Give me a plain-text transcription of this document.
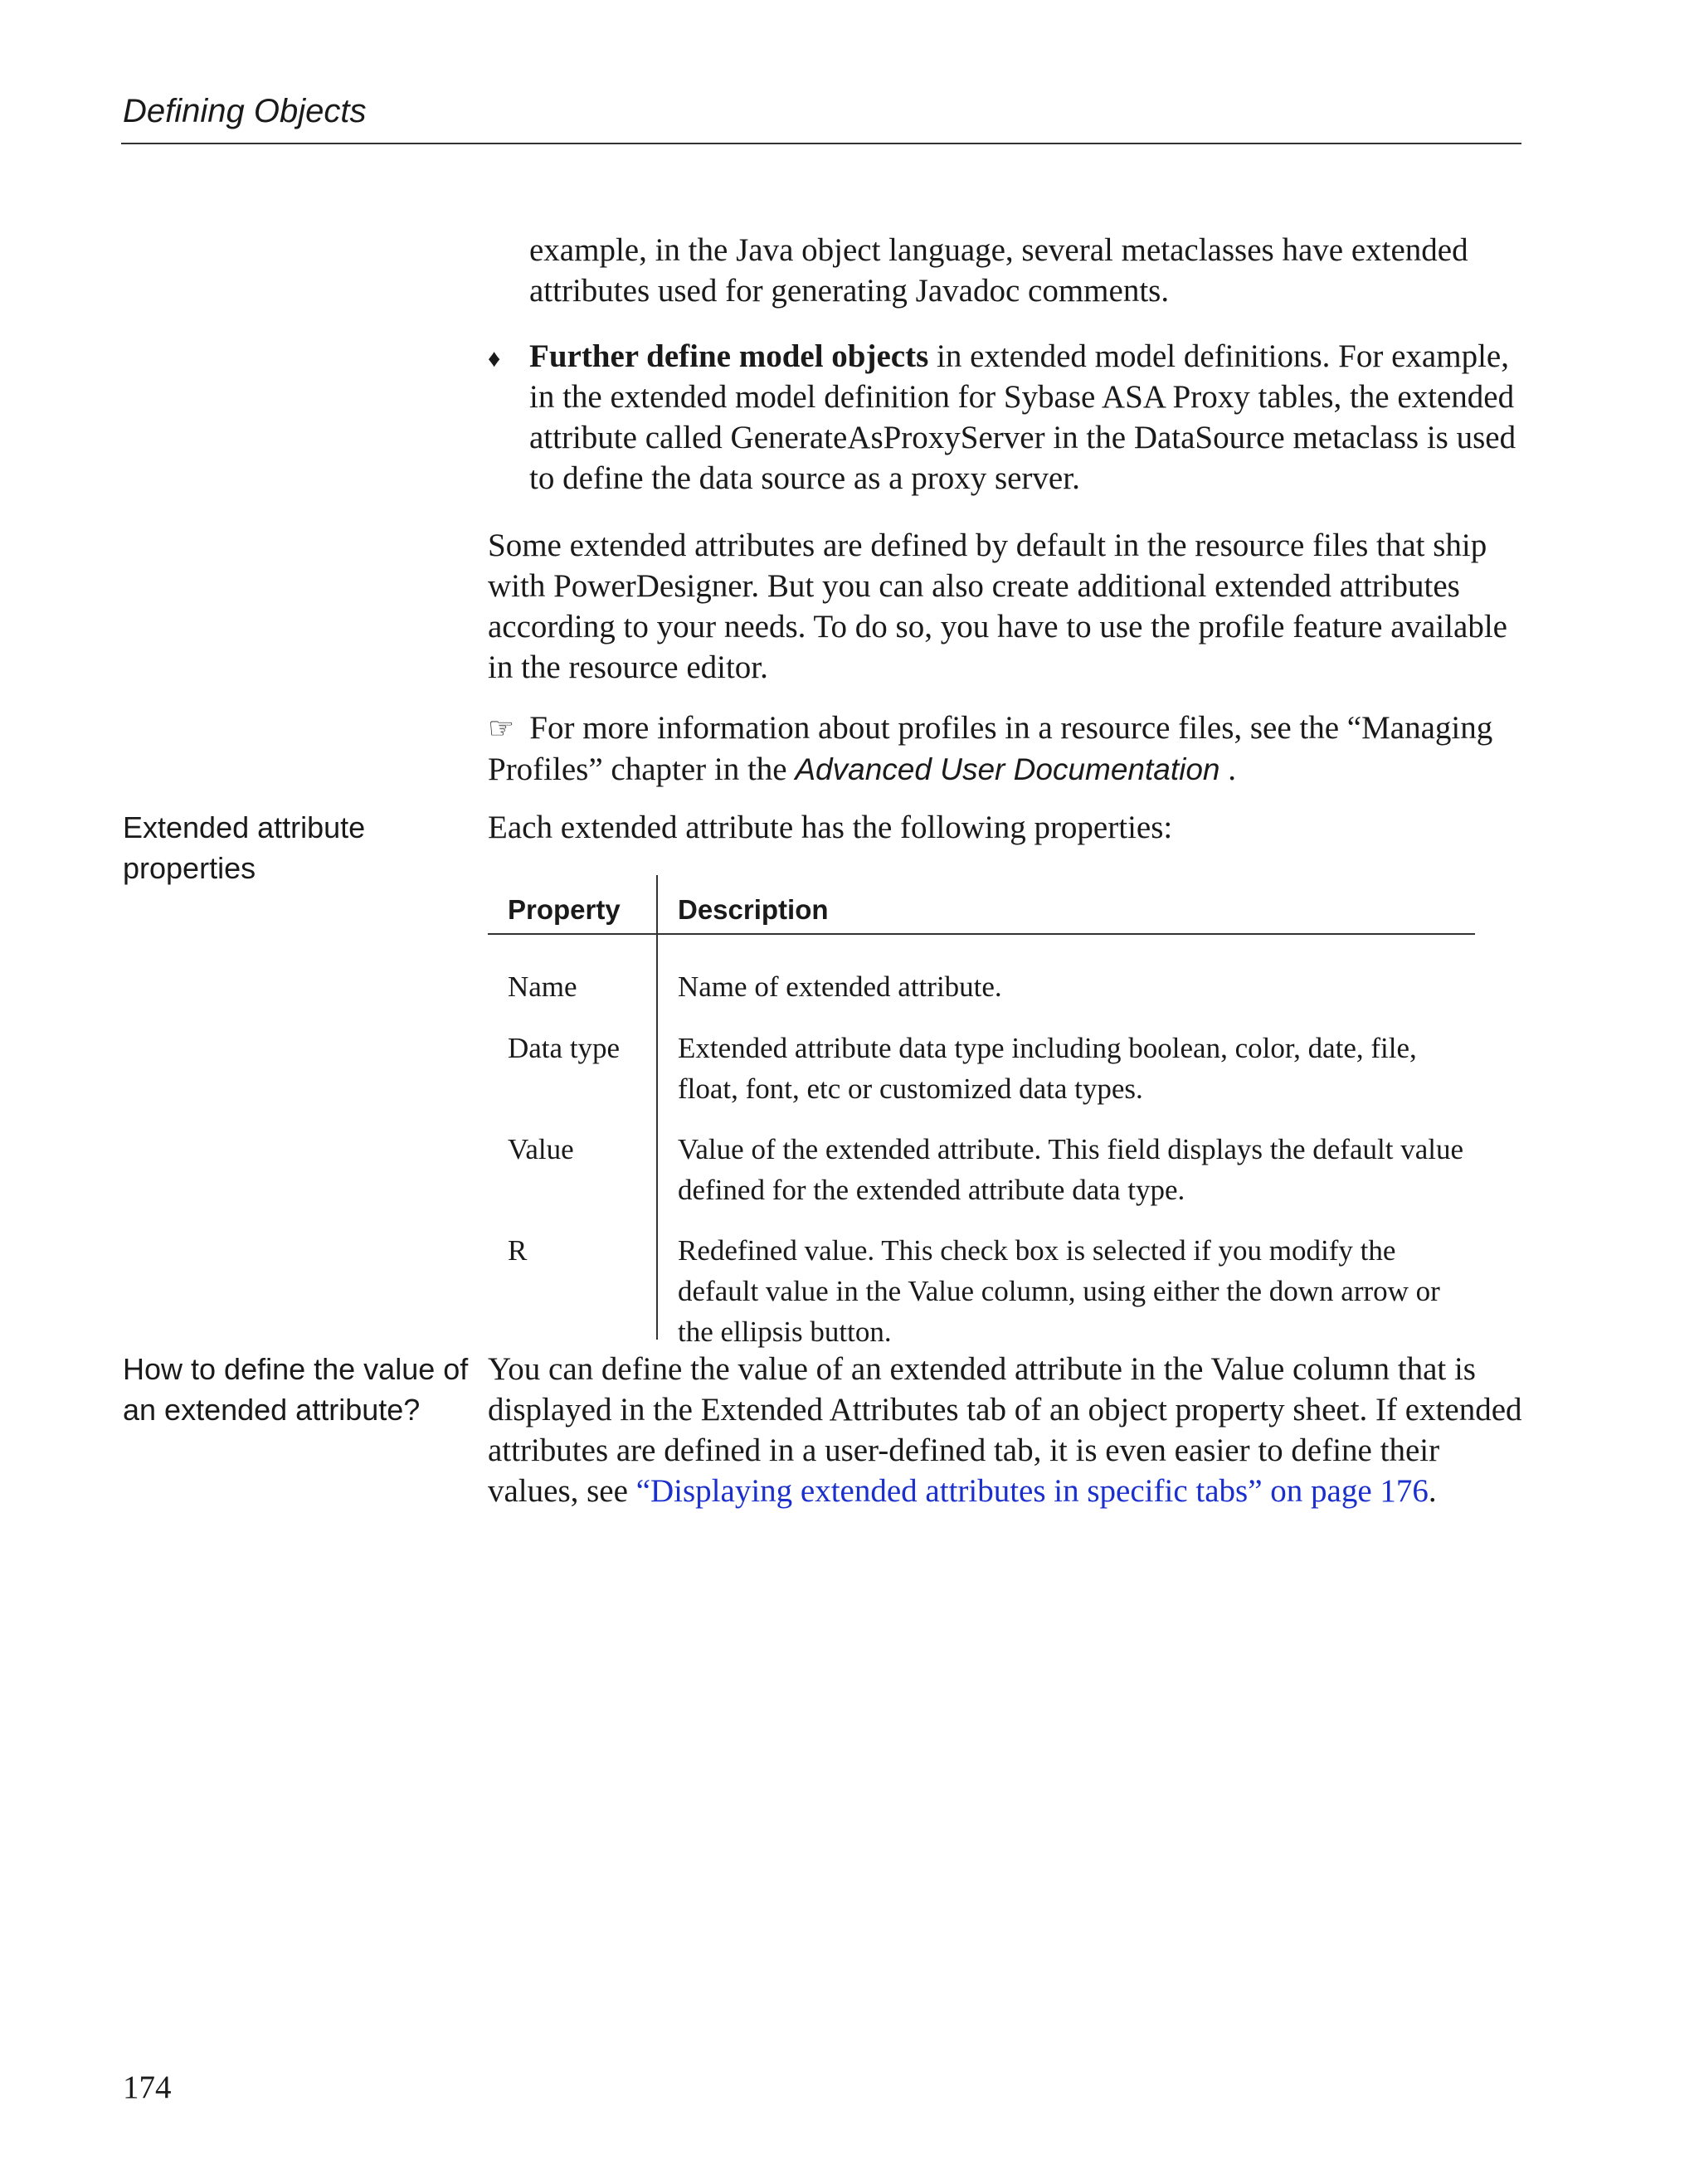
Defining Objects
example, in the Java object language, several metaclasses have extended attributes used for generating Javadoc comments.
♦ Further define model objects in extended model definitions. For example, in the extended model definition for Sybase ASA Proxy tables, the extended attribute called GenerateAsProxyServer in the DataSource metaclass is used to define the data source as a proxy server.
Some extended attributes are defined by default in the resource files that ship with PowerDesigner. But you can also create additional extended attributes according to your needs. To do so, you have to use the profile feature available in the resource editor.
☞ For more information about profiles in a resource files, see the “Managing Profiles” chapter in the Advanced User Documentation .
Extended attribute properties
Each extended attribute has the following properties:
Property Description
Name	Name of extended attribute.
Data type	Extended attribute data type including boolean, color, date, file, float, font, etc or customized data types.
Value	Value of the extended attribute. This field displays the default value defined for the extended attribute data type.
R	Redefined value. This check box is selected if you modify the default value in the Value column, using either the down arrow or the ellipsis button.
How to define the value of an extended attribute?
You can define the value of an extended attribute in the Value column that is displayed in the Extended Attributes tab of an object property sheet. If extended attributes are defined in a user-defined tab, it is even easier to define their values, see “Displaying extended attributes in specific tabs” on page 176.
174
